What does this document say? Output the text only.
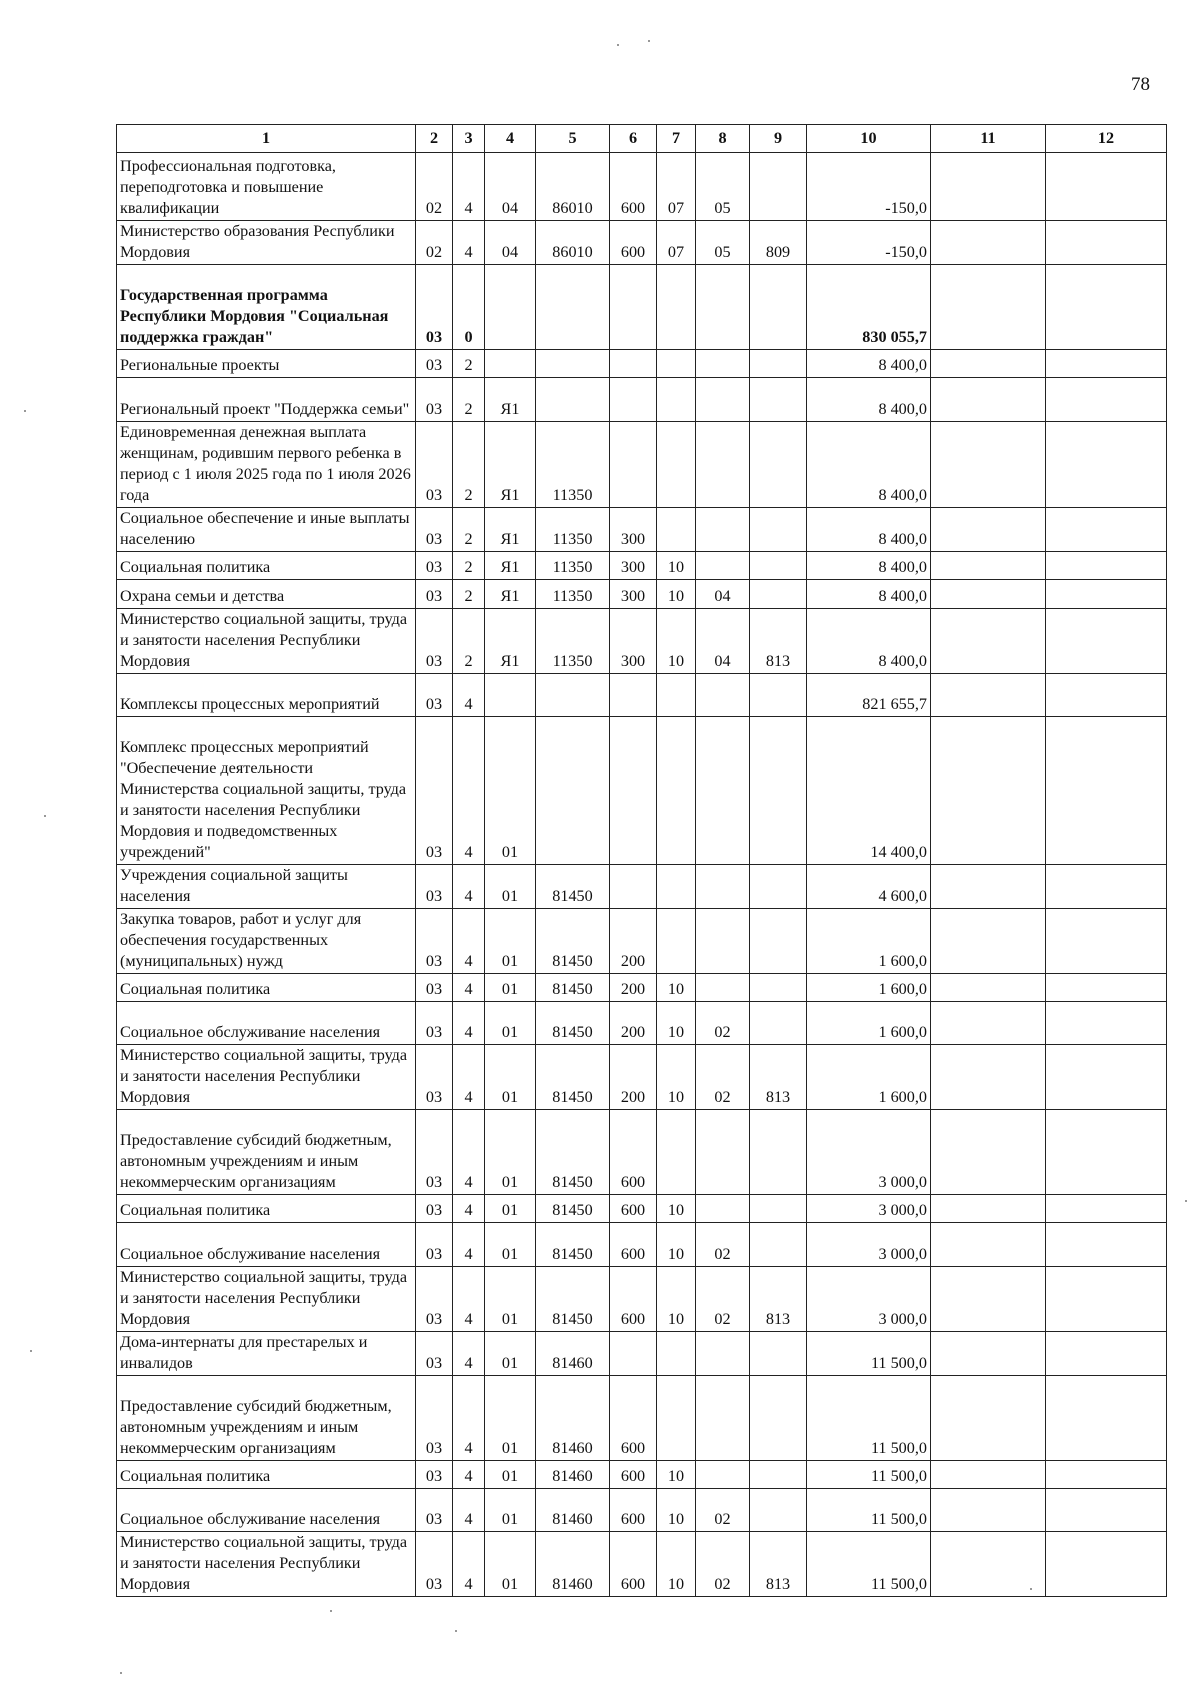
78
1	2	3	4	5	6	7	8	9	10	11	12
Профессиональная подготовка, переподготовка и повышение квалификации	02	4	04	86010	600	07	05		-150,0		
Министерство образования Республики Мордовия	02	4	04	86010	600	07	05	809	-150,0		
Государственная программа Республики Мордовия "Социальная поддержка граждан"	03	0							830 055,7		
Региональные проекты	03	2							8 400,0		
Региональный проект "Поддержка семьи"	03	2	Я1						8 400,0		
Единовременная денежная выплата женщинам, родившим первого ребенка в период с 1 июля 2025 года по 1 июля 2026 года	03	2	Я1	11350					8 400,0		
Социальное обеспечение и иные выплаты населению	03	2	Я1	11350	300				8 400,0		
Социальная политика	03	2	Я1	11350	300	10			8 400,0		
Охрана семьи и детства	03	2	Я1	11350	300	10	04		8 400,0		
Министерство социальной защиты, труда и занятости населения Республики Мордовия	03	2	Я1	11350	300	10	04	813	8 400,0		
Комплексы процессных мероприятий	03	4							821 655,7		
Комплекс процессных мероприятий "Обеспечение деятельности Министерства социальной защиты, труда и занятости населения Республики Мордовия и подведомственных учреждений"	03	4	01						14 400,0		
Учреждения социальной защиты населения	03	4	01	81450					4 600,0		
Закупка товаров, работ и услуг для обеспечения государственных (муниципальных) нужд	03	4	01	81450	200				1 600,0		
Социальная политика	03	4	01	81450	200	10			1 600,0		
Социальное обслуживание населения	03	4	01	81450	200	10	02		1 600,0		
Министерство социальной защиты, труда и занятости населения Республики Мордовия	03	4	01	81450	200	10	02	813	1 600,0		
Предоставление субсидий бюджетным, автономным учреждениям и иным некоммерческим организациям	03	4	01	81450	600				3 000,0		
Социальная политика	03	4	01	81450	600	10			3 000,0		
Социальное обслуживание населения	03	4	01	81450	600	10	02		3 000,0		
Министерство социальной защиты, труда и занятости населения Республики Мордовия	03	4	01	81450	600	10	02	813	3 000,0		
Дома-интернаты для престарелых и инвалидов	03	4	01	81460					11 500,0		
Предоставление субсидий бюджетным, автономным учреждениям и иным некоммерческим организациям	03	4	01	81460	600				11 500,0		
Социальная политика	03	4	01	81460	600	10			11 500,0		
Социальное обслуживание населения	03	4	01	81460	600	10	02		11 500,0		
Министерство социальной защиты, труда и занятости населения Республики Мордовия	03	4	01	81460	600	10	02	813	11 500,0		
